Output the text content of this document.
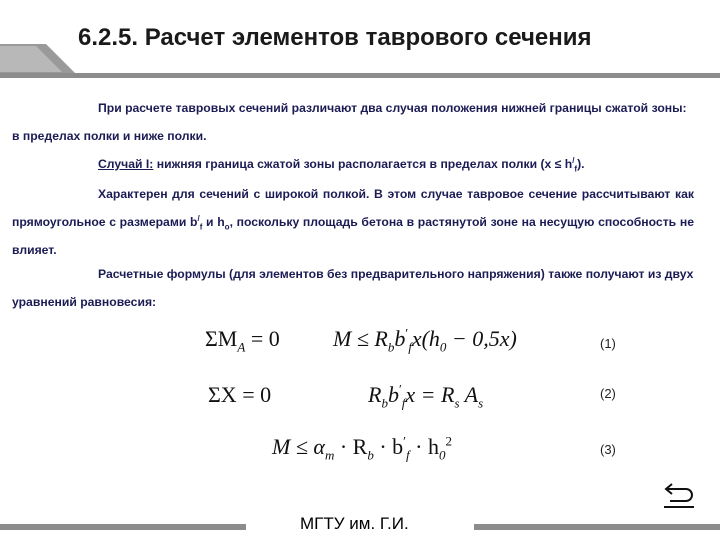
6.2.5. Расчет элементов таврового сечения

При расчете тавровых сечений различают два случая положения нижней границы сжатой зоны: в пределах полки и ниже полки.

Случай I: нижняя граница сжатой зоны располагается в пределах полки $(x \le h^/_f)$.

Характерен для сечений с широкой полкой. В этом случае тавровое сечение рассчитывают как прямоугольное с размерами $b^/_f$ и $h_o$, поскольку площадь бетона в растянутой зоне на несущую способность не влияет.

Расчетные формулы (для элементов без предварительного напряжения) также получают из двух уравнений равновесия:

$\Sigma M_A = 0$ $M \le R_bb'_fx(h_0 - 0,5x)$	(1)
ΣX = 0	$R_bb'_fx = R_s$ $A_s$
(2)
$M \le \alpha_m \cdot R_b \cdot b'_f \cdot h_0^2$
(3)
МГТУ им. Г.И.
